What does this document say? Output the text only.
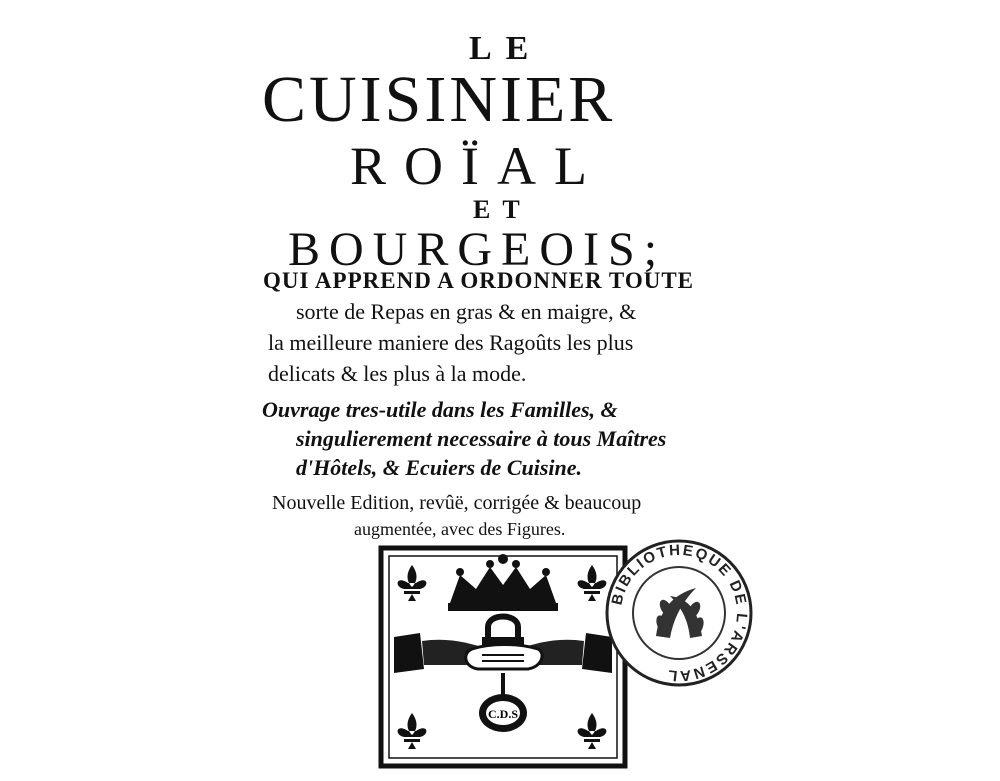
LE
CUISINIER
ROÏAL
ET
BOURGEOIS;
QUI APPREND A ORDONNER TOUTE
sorte de Repas en gras & en maigre, &
la meilleure maniere des Ragoûts les plus
delicats & les plus à la mode.
Ouvrage tres-utile dans les Familles, &
singulierement necessaire à tous Maîtres
d'Hôtels, & Ecuiers de Cuisine.
Nouvelle Edition, revûë, corrigée & beaucoup
augmentée, avec des Figures.
C.D.S
BIBLIOTHEQUE DE L'ARSENAL
